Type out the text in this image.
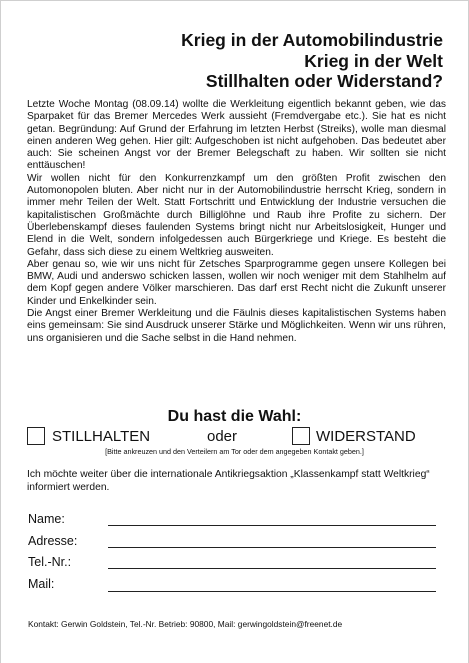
Krieg in der Automobilindustrie
Krieg in der Welt
Stillhalten oder Widerstand?

Letzte Woche Montag (08.09.14) wollte die Werkleitung eigentlich bekannt geben, wie das Sparpaket für das Bremer Mercedes Werk aussieht (Fremdvergabe etc.). Sie hat es nicht getan. Begründung: Auf Grund der Erfahrung im letzten Herbst (Streiks), wolle man diesmal einen anderen Weg gehen. Hier gilt: Aufgeschoben ist nicht aufgehoben. Das bedeutet aber auch: Sie scheinen Angst vor der Bremer Belegschaft zu haben. Wir sollten sie nicht enttäuschen!

Wir wollen nicht für den Konkurrenzkampf um den größten Profit zwischen den Automonopolen bluten. Aber nicht nur in der Automobilindustrie herrscht Krieg, sondern in immer mehr Teilen der Welt. Statt Fortschritt und Entwicklung der Industrie versuchen die kapitalistischen Großmächte durch Billiglöhne und Raub ihre Profite zu sichern. Der Überlebenskampf dieses faulenden Systems bringt nicht nur Arbeitslosigkeit, Hunger und Elend in die Welt, sondern infolgedessen auch Bürgerkriege und Kriege. Es besteht die Gefahr, dass sich diese zu einem Weltkrieg ausweiten.

Aber genau so, wie wir uns nicht für Zetsches Sparprogramme gegen unsere Kollegen bei BMW, Audi und anderswo schicken lassen, wollen wir noch weniger mit dem Stahlhelm auf dem Kopf gegen andere Völker marschieren. Das darf erst Recht nicht die Zukunft unserer Kinder und Enkelkinder sein.

Die Angst einer Bremer Werkleitung und die Fäulnis dieses kapitalistischen Systems haben eins gemeinsam: Sie sind Ausdruck unserer Stärke und Möglichkeiten. Wenn wir uns rühren, uns organisieren und die Sache selbst in die Hand nehmen.

Du hast die Wahl:
STILLHALTEN	oder	WIDERSTAND
[Bitte ankreuzen und den Verteilern am Tor oder dem angegeben Kontakt geben.]
Ich möchte weiter über die internationale Antikriegsaktion „Klassenkampf statt Weltkrieg“ informiert werden.
Name:
Adresse:
Tel.-Nr.:
Mail:
Kontakt: Gerwin Goldstein, Tel.-Nr. Betrieb: 90800, Mail: gerwingoldstein@freenet.de
